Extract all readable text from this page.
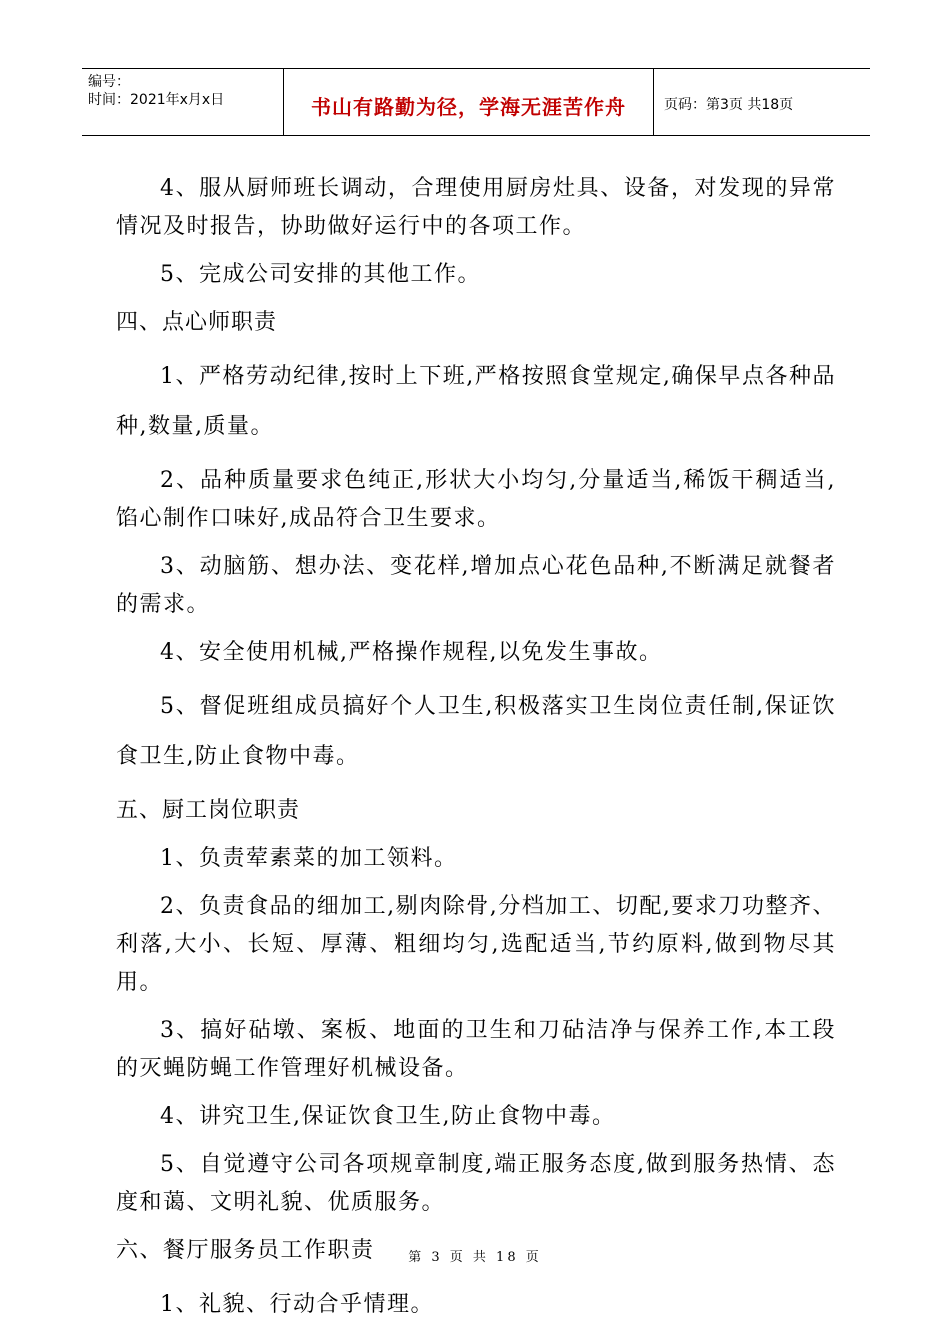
编号：
时间：2021年x月x日	书山有路勤为径，学海无涯苦作舟	页码：第3页 共18页

4、服从厨师班长调动，合理使用厨房灶具、设备，对发现的异常情况及时报告，协助做好运行中的各项工作。

5、完成公司安排的其他工作。

四、点心师职责

1、严格劳动纪律,按时上下班,严格按照食堂规定,确保早点各种品种,数量,质量。

2、品种质量要求色纯正,形状大小均匀,分量适当,稀饭干稠适当,馅心制作口味好,成品符合卫生要求。

3、动脑筋、想办法、变花样,增加点心花色品种,不断满足就餐者的需求。

4、安全使用机械,严格操作规程,以免发生事故。

5、督促班组成员搞好个人卫生,积极落实卫生岗位责任制,保证饮食卫生,防止食物中毒。

五、厨工岗位职责

1、负责荤素菜的加工领料。

2、负责食品的细加工,剔肉除骨,分档加工、切配,要求刀功整齐、利落,大小、长短、厚薄、粗细均匀,选配适当,节约原料,做到物尽其用。

3、搞好砧墩、案板、地面的卫生和刀砧洁净与保养工作,本工段的灭蝇防蝇工作管理好机械设备。

4、讲究卫生,保证饮食卫生,防止食物中毒。

5、自觉遵守公司各项规章制度,端正服务态度,做到服务热情、态度和蔼、文明礼貌、优质服务。

六、餐厅服务员工作职责

1、礼貌、行动合乎情理。

第 3 页 共 18 页
